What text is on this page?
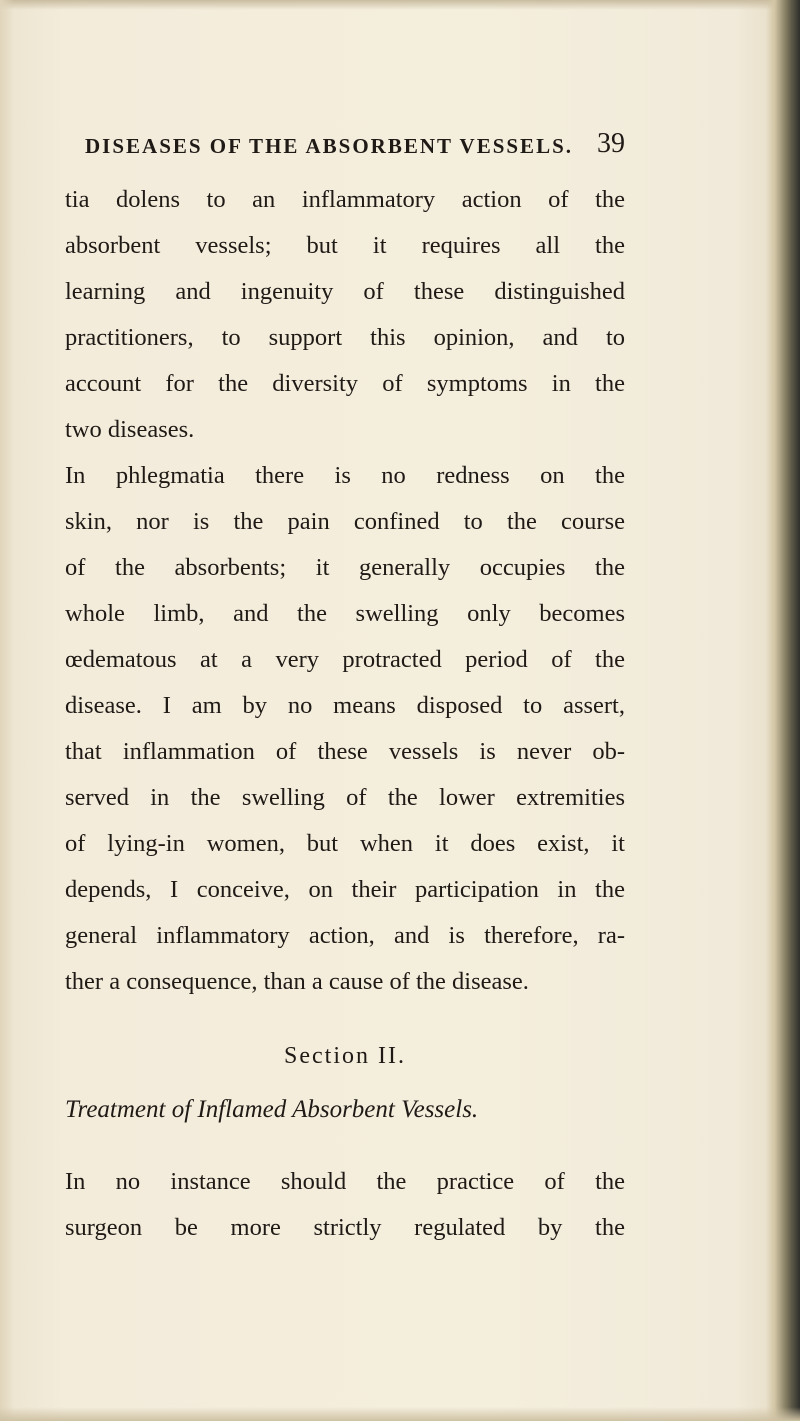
DISEASES OF THE ABSORBENT VESSELS. 39
tia dolens to an inflammatory action of the
absorbent vessels; but it requires all the
learning and ingenuity of these distinguished
practitioners, to support this opinion, and to
account for the diversity of symptoms in the
two diseases.
In phlegmatia there is no redness on the
skin, nor is the pain confined to the course
of the absorbents; it generally occupies the
whole limb, and the swelling only becomes
œdematous at a very protracted period of the
disease. I am by no means disposed to assert,
that inflammation of these vessels is never ob-
served in the swelling of the lower extremities
of lying-in women, but when it does exist, it
depends, I conceive, on their participation in the
general inflammatory action, and is therefore, ra-
ther a consequence, than a cause of the disease.
Section II.
Treatment of Inflamed Absorbent Vessels.
In no instance should the practice of the
surgeon be more strictly regulated by the
